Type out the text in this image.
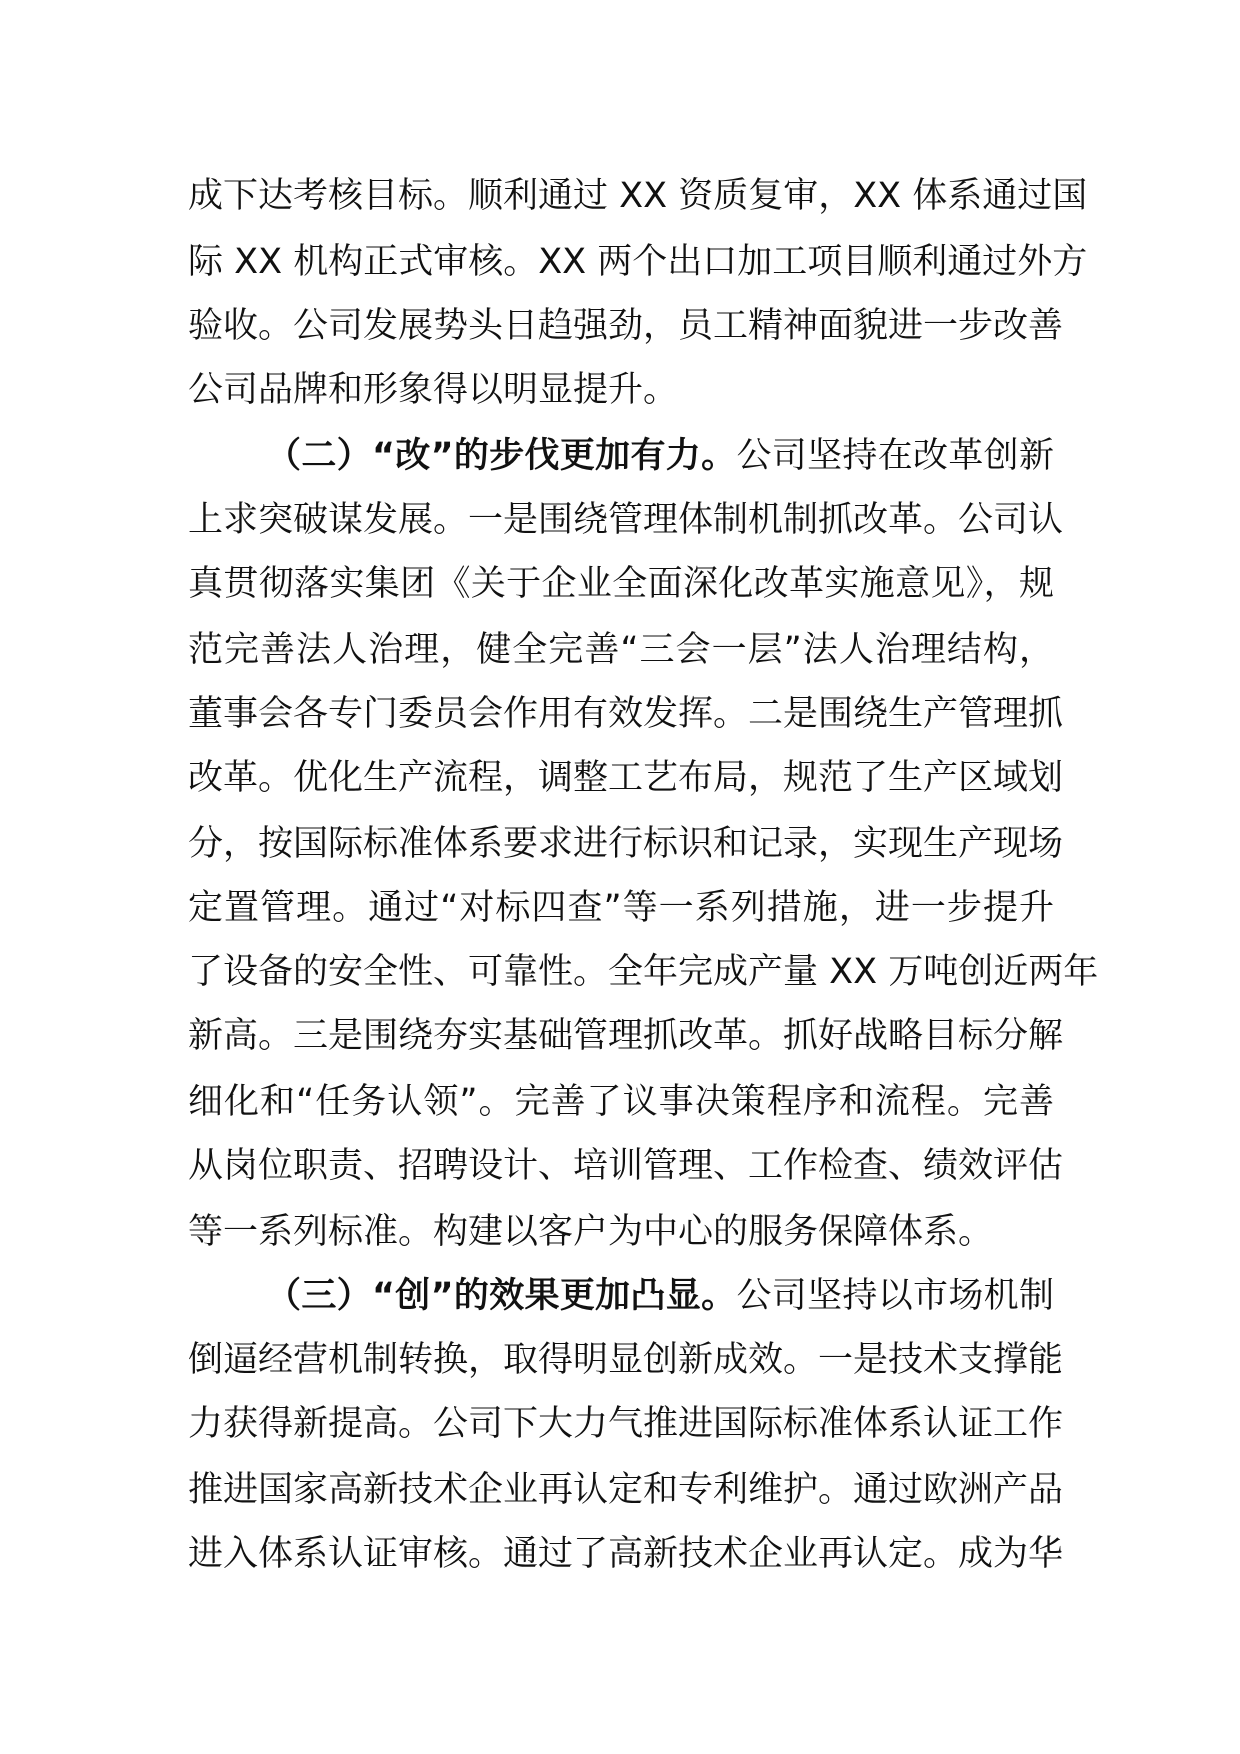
成下达考核目标。顺利通过 XX 资质复审，XX 体系通过国
际 XX 机构正式审核。XX 两个出口加工项目顺利通过外方
验收。公司发展势头日趋强劲，员工精神面貌进一步改善
公司品牌和形象得以明显提升。
（二）“改”的步伐更加有力。公司坚持在改革创新
上求突破谋发展。一是围绕管理体制机制抓改革。公司认
真贯彻落实集团《关于企业全面深化改革实施意见》，规
范完善法人治理，健全完善“三会一层”法人治理结构，
董事会各专门委员会作用有效发挥。二是围绕生产管理抓
改革。优化生产流程，调整工艺布局，规范了生产区域划
分，按国际标准体系要求进行标识和记录，实现生产现场
定置管理。通过“对标四查”等一系列措施，进一步提升
了设备的安全性、可靠性。全年完成产量 XX 万吨创近两年
新高。三是围绕夯实基础管理抓改革。抓好战略目标分解
细化和“任务认领”。完善了议事决策程序和流程。完善
从岗位职责、招聘设计、培训管理、工作检查、绩效评估
等一系列标准。构建以客户为中心的服务保障体系。
（三）“创”的效果更加凸显。公司坚持以市场机制
倒逼经营机制转换，取得明显创新成效。一是技术支撑能
力获得新提高。公司下大力气推进国际标准体系认证工作
推进国家高新技术企业再认定和专利维护。通过欧洲产品
进入体系认证审核。通过了高新技术企业再认定。成为华
